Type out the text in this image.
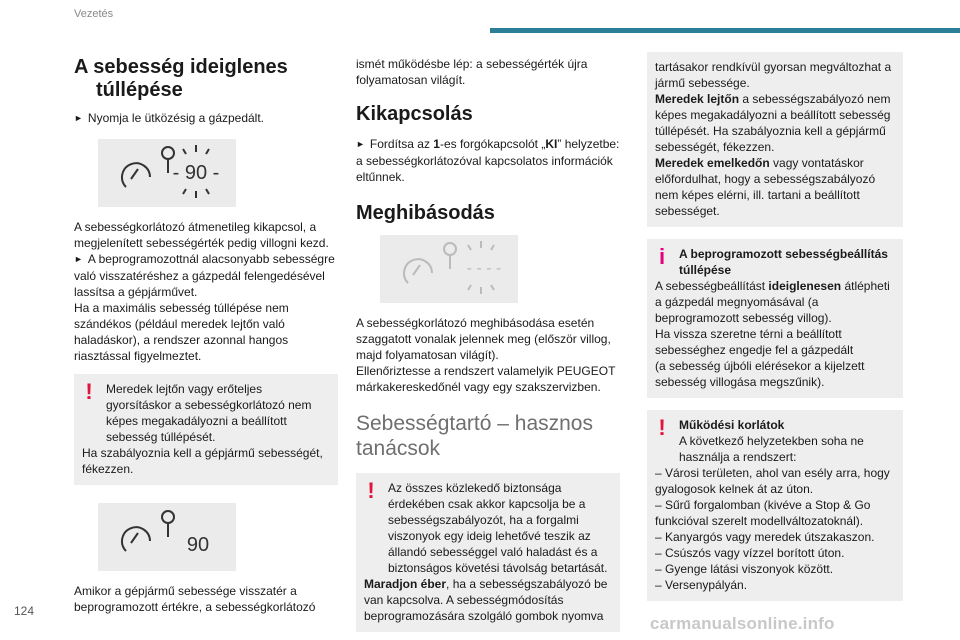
Vezetés
A sebesség ideiglenes
túllépése
► Nyomja le ütközésig a gázpedált.
- 90 -
A sebességkorlátozó átmenetileg kikapcsol, a megjelenített sebességérték pedig villogni kezd.
► A beprogramozottnál alacsonyabb sebességre való visszatéréshez a gázpedál felengedésével lassítsa a gépjárművet.
Ha a maximális sebesség túllépése nem szándékos (például meredek lejtőn való haladáskor), a rendszer azonnal hangos riasztással figyelmeztet.
!	Meredek lejtőn vagy erőteljes gyorsításkor a sebességkorlátozó nem képes megakadályozni a beállított sebesség túllépését.
Ha szabályoznia kell a gépjármű sebességét, fékezzen.
90
Amikor a gépjármű sebessége visszatér a beprogramozott értékre, a sebességkorlátozó
ismét működésbe lép: a sebességérték újra folyamatosan világít.
Kikapcsolás
► Fordítsa az 1-es forgókapcsolót „KI” helyzetbe: a sebességkorlátozóval kapcsolatos információk eltűnnek.
Meghibásodás
- - - -
A sebességkorlátozó meghibásodása esetén szaggatott vonalak jelennek meg (először villog, majd folyamatosan világít).
Ellenőriztesse a rendszert valamelyik PEUGEOT márkakereskedőnél vagy egy szakszervizben.
Sebességtartó – hasznos tanácsok
!	Az összes közlekedő biztonsága érdekében csak akkor kapcsolja be a sebességszabályozót, ha a forgalmi viszonyok egy ideig lehetővé teszik az állandó sebességgel való haladást és a biztonságos követési távolság betartását.
Maradjon éber, ha a sebességszabályozó be van kapcsolva. A sebességmódosítás beprogramozására szolgáló gombok nyomva
tartásakor rendkívül gyorsan megváltozhat a jármű sebessége.
Meredek lejtőn a sebességszabályozó nem képes megakadályozni a beállított sebesség túllépését. Ha szabályoznia kell a gépjármű sebességét, fékezzen.
Meredek emelkedőn vagy vontatáskor előfordulhat, hogy a sebességszabályozó nem képes elérni, ill. tartani a beállított sebességet.
i	A beprogramozott sebességbeállítás túllépése
A sebességbeállítást ideiglenesen átlépheti a gázpedál megnyomásával (a beprogramozott sebesség villog).
Ha vissza szeretne térni a beállított sebességhez engedje fel a gázpedált
(a sebesség újbóli elérésekor a kijelzett sebesség villogása megszűnik).
!	Működési korlátok
A következő helyzetekben soha ne használja a rendszert:
– Városi területen, ahol van esély arra, hogy gyalogosok kelnek át az úton.
– Sűrű forgalomban (kivéve a Stop & Go funkcióval szerelt modellváltozatoknál).
– Kanyargós vagy meredek útszakaszon.
– Csúszós vagy vízzel borított úton.
– Gyenge látási viszonyok között.
– Versenypályán.
124
carmanualsonline.info
